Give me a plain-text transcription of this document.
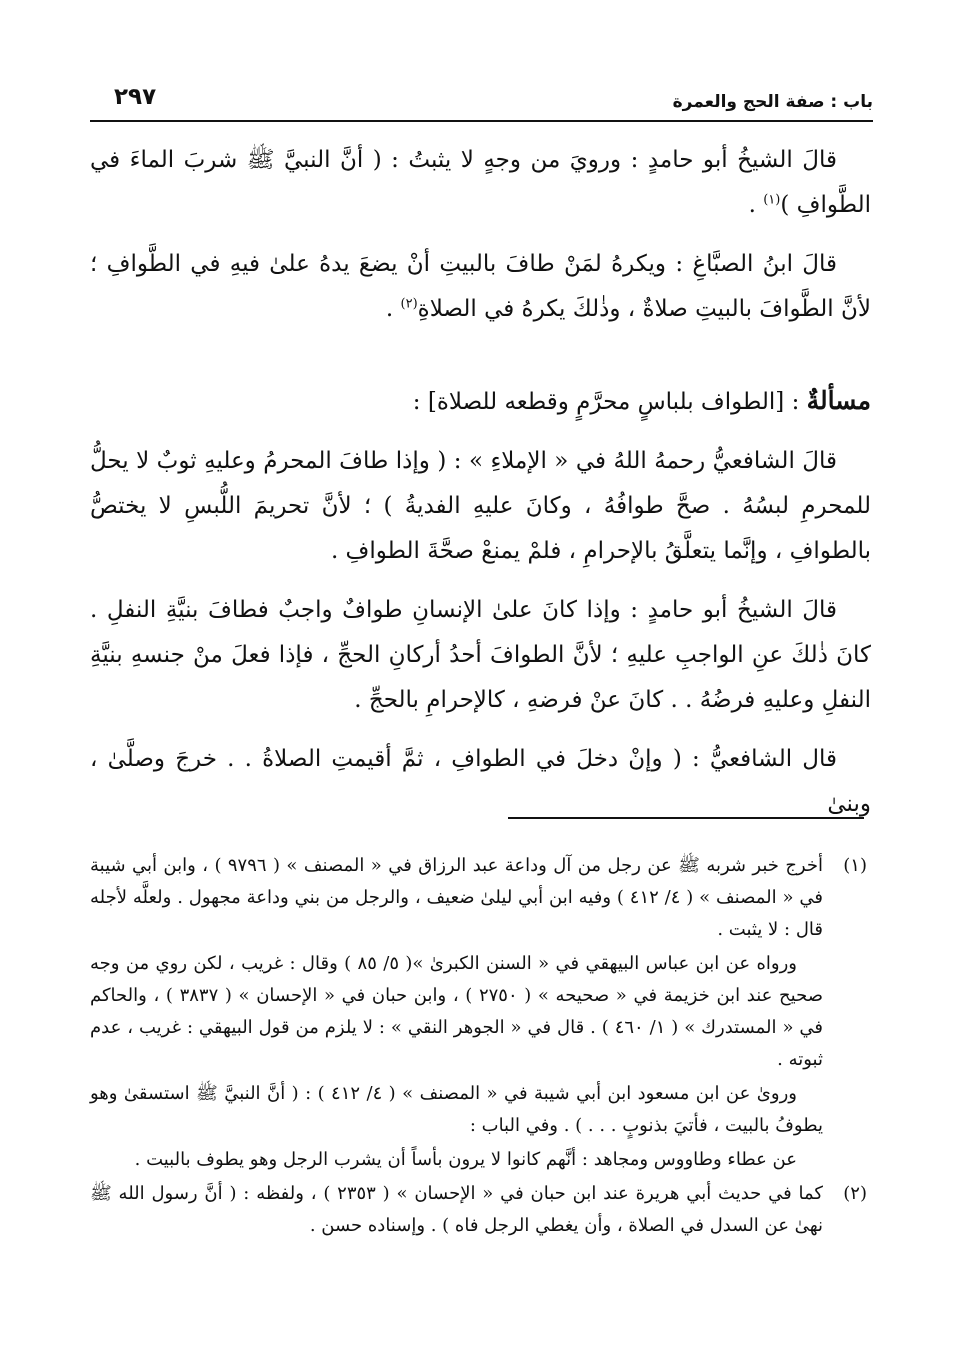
باب : صفة الحج والعمرة
٢٩٧

قالَ الشيخُ أبو حامدٍ : ورويَ من وجهٍ لا يثبتُ : ( أنَّ النبيَّ ﷺ شربَ الماءَ في الطَّوافِ )$^{(١)}$ .

قالَ ابنُ الصبَّاغِ : ويكرهُ لمَنْ طافَ بالبيتِ أنْ يضعَ يدهُ علىٰ فيهِ في الطَّوافِ ؛ لأنَّ الطَّوافَ بالبيتِ صلاةٌ ، وذٰلكَ يكرهُ في الصلاةِ$^{(٢)}$ .

مسألةٌ : [الطواف بلباسٍ محرَّمٍ وقطعه للصلاة] :

قالَ الشافعيُّ رحمهُ اللهُ في « الإملاءِ » : ( وإذا طافَ المحرمُ وعليهِ ثوبٌ لا يحلُّ للمحرمِ لبسُهُ . صحَّ طوافُهُ ، وكانَ عليهِ الفديةُ ) ؛ لأنَّ تحريمَ اللُّبسِ لا يختصُّ بالطوافِ ، وإنَّما يتعلَّقُ بالإحرامِ ، فلمْ يمنعْ صحَّةَ الطوافِ .

قالَ الشيخُ أبو حامدٍ : وإذا كانَ علىٰ الإنسانِ طوافٌ واجبٌ فطافَ بنيَّةِ النفلِ . كانَ ذٰلكَ عنِ الواجبِ عليهِ ؛ لأنَّ الطوافَ أحدُ أركانِ الحجِّ ، فإذا فعلَ منْ جنسهِ بنيَّةِ النفلِ وعليهِ فرضُهُ . . كانَ عنْ فرضهِ ، كالإحرامِ بالحجِّ .

قال الشافعيُّ : ( وإنْ دخلَ في الطوافِ ، ثمَّ أقيمتِ الصلاةُ . . خرجَ وصلَّىٰ ، وبنىٰ

(١)

أخرج خبر شربه ﷺ عن رجل من آل وداعة عبد الرزاق في « المصنف » ( ٩٧٩٦ ) ، وابن أبي شيبة في « المصنف » ( ٤/ ٤١٢ ) وفيه ابن أبي ليلىٰ ضعيف ، والرجل من بني وداعة مجهول . ولعلَّه لأجله قال : لا يثبت .

ورواه عن ابن عباس البيهقي في « السنن الكبرىٰ »( ٥/ ٨٥ ) وقال : غريب ، لكن روي من وجه صحيح عند ابن خزيمة في « صحيحه » ( ٢٧٥٠ ) ، وابن حبان في « الإحسان » ( ٣٨٣٧ ) ، والحاكم في « المستدرك » ( ١/ ٤٦٠ ) . قال في « الجوهر النقي » : لا يلزم من قول البيهقي : غريب ، عدم ثبوته .

وروىٰ عن ابن مسعود ابن أبي شيبة في « المصنف » ( ٤/ ٤١٢ ) : ( أنَّ النبيَّ ﷺ استسقىٰ وهو يطوفُ بالبيت ، فأتيَ بذنوبٍ . . . ) . وفي الباب :

عن عطاء وطاووس ومجاهد : أنَّهم كانوا لا يرون بأساً أن يشرب الرجل وهو يطوف بالبيت .

(٢)

كما في حديث أبي هريرة عند ابن حبان في « الإحسان » ( ٢٣٥٣ ) ، ولفظه : ( أنَّ رسول الله ﷺ نهىٰ عن السدل في الصلاة ، وأن يغطي الرجل فاه ) . وإسناده حسن .
